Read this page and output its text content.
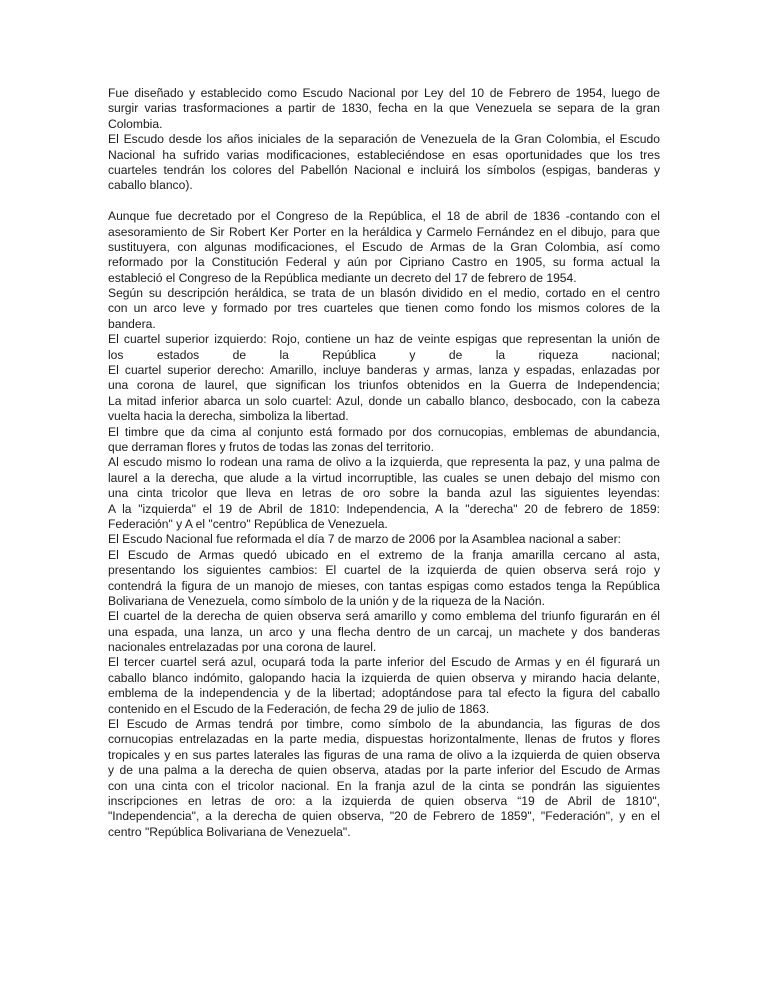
Fue diseñado y establecido como Escudo Nacional por Ley del 10 de Febrero de 1954, luego de
surgir varias trasformaciones a partir de 1830, fecha en la que Venezuela se separa de la gran
Colombia.
El Escudo desde los años iniciales de la separación de Venezuela de la Gran Colombia, el Escudo
Nacional ha sufrido varias modificaciones, estableciéndose en esas oportunidades que los tres
cuarteles tendrán los colores del Pabellón Nacional e incluirá los símbolos (espigas, banderas y
caballo blanco).
Aunque fue decretado por el Congreso de la República, el 18 de abril de 1836 -contando con el
asesoramiento de Sir Robert Ker Porter en la heráldica y Carmelo Fernández en el dibujo, para que
sustituyera, con algunas modificaciones, el Escudo de Armas de la Gran Colombia, así como
reformado por la Constitución Federal y aún por Cipriano Castro en 1905, su forma actual la
estableció el Congreso de la República mediante un decreto del 17 de febrero de 1954.
Según su descripción heráldica, se trata de un blasón dividido en el medio, cortado en el centro
con un arco leve y formado por tres cuarteles que tienen como fondo los mismos colores de la
bandera.
El cuartel superior izquierdo: Rojo, contiene un haz de veinte espigas que representan la unión de
los estados de la República y de la riqueza nacional;
El cuartel superior derecho: Amarillo, incluye banderas y armas, lanza y espadas, enlazadas por
una corona de laurel, que significan los triunfos obtenidos en la Guerra de Independencia;
La mitad inferior abarca un solo cuartel: Azul, donde un caballo blanco, desbocado, con la cabeza
vuelta hacia la derecha, simboliza la libertad.
El timbre que da cima al conjunto está formado por dos cornucopias, emblemas de abundancia,
que derraman flores y frutos de todas las zonas del territorio.
Al escudo mismo lo rodean una rama de olivo a la izquierda, que representa la paz, y una palma de
laurel a la derecha, que alude a la virtud incorruptible, las cuales se unen debajo del mismo con
una cinta tricolor que lleva en letras de oro sobre la banda azul las siguientes leyendas:
A la "izquierda" el 19 de Abril de 1810: Independencia, A la "derecha" 20 de febrero de 1859:
Federación" y A el "centro" República de Venezuela.
El Escudo Nacional fue reformada el día 7 de marzo de 2006 por la Asamblea nacional a saber:
El Escudo de Armas quedó ubicado en el extremo de la franja amarilla cercano al asta,
presentando los siguientes cambios: El cuartel de la izquierda de quien observa será rojo y
contendrá la figura de un manojo de mieses, con tantas espigas como estados tenga la República
Bolivariana de Venezuela, como símbolo de la unión y de la riqueza de la Nación.
El cuartel de la derecha de quien observa será amarillo y como emblema del triunfo figurarán en él
una espada, una lanza, un arco y una flecha dentro de un carcaj, un machete y dos banderas
nacionales entrelazadas por una corona de laurel.
El tercer cuartel será azul, ocupará toda la parte inferior del Escudo de Armas y en él figurará un
caballo blanco indómito, galopando hacia la izquierda de quien observa y mirando hacia delante,
emblema de la independencia y de la libertad; adoptándose para tal efecto la figura del caballo
contenido en el Escudo de la Federación, de fecha 29 de julio de 1863.
El Escudo de Armas tendrá por timbre, como símbolo de la abundancia, las figuras de dos
cornucopias entrelazadas en la parte media, dispuestas horizontalmente, llenas de frutos y flores
tropicales y en sus partes laterales las figuras de una rama de olivo a la izquierda de quien observa
y de una palma a la derecha de quien observa, atadas por la parte inferior del Escudo de Armas
con una cinta con el tricolor nacional. En la franja azul de la cinta se pondrán las siguientes
inscripciones en letras de oro: a la izquierda de quien observa “19 de Abril de 1810",
"Independencia", a la derecha de quien observa, "20 de Febrero de 1859", "Federación", y en el
centro "República Bolivariana de Venezuela".
